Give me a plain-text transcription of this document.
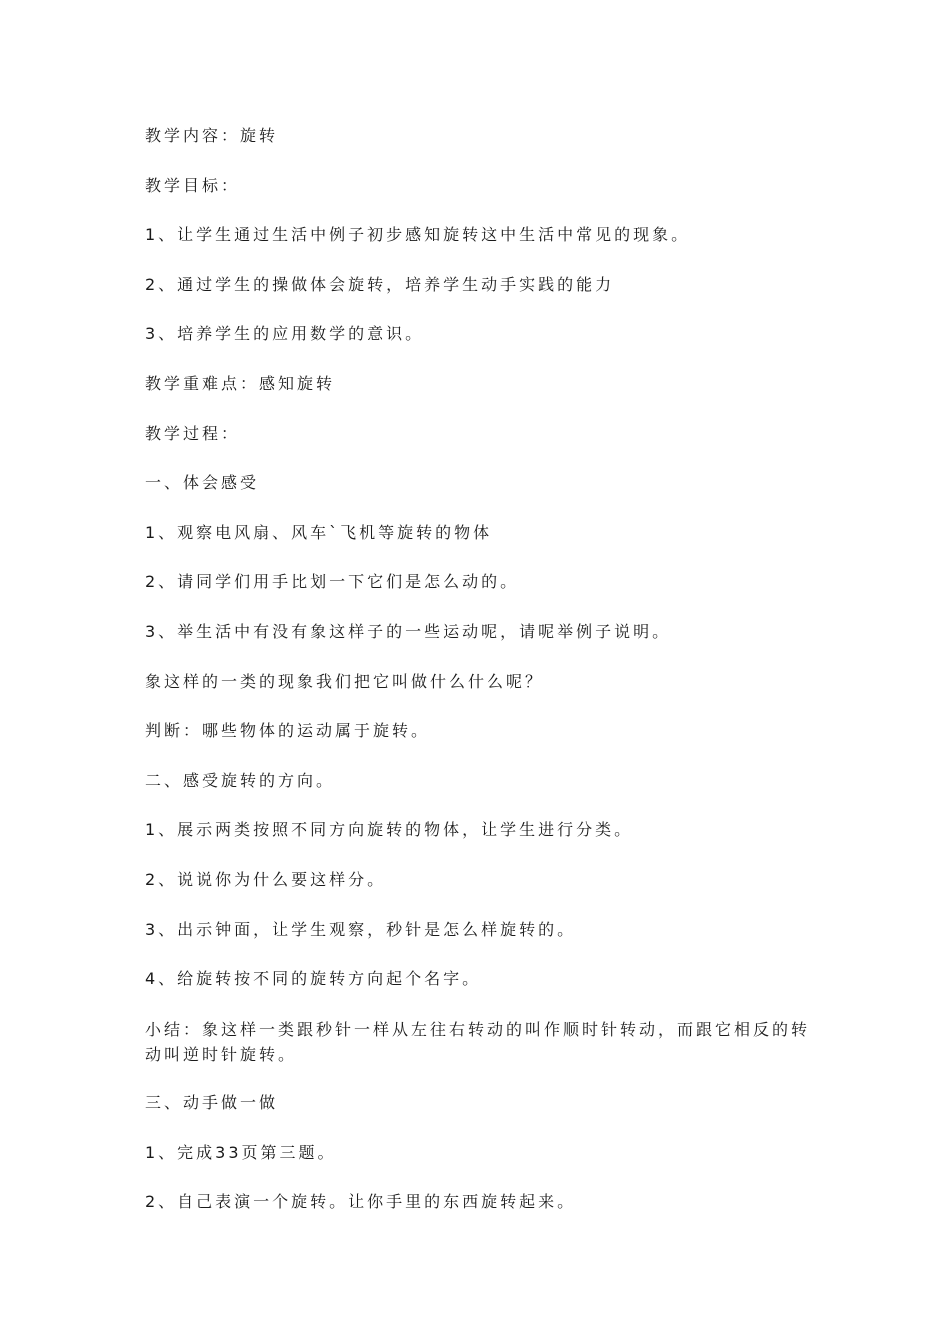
教学内容：旋转

教学目标：

1、让学生通过生活中例子初步感知旋转这中生活中常见的现象。

2、通过学生的操做体会旋转，培养学生动手实践的能力

3、培养学生的应用数学的意识。

教学重难点：感知旋转

教学过程：

一、体会感受

1、观察电风扇、风车`飞机等旋转的物体

2、请同学们用手比划一下它们是怎么动的。

3、举生活中有没有象这样子的一些运动呢，请呢举例子说明。

象这样的一类的现象我们把它叫做什么什么呢？

判断：哪些物体的运动属于旋转。

二、感受旋转的方向。

1、展示两类按照不同方向旋转的物体，让学生进行分类。

2、说说你为什么要这样分。

3、出示钟面，让学生观察，秒针是怎么样旋转的。

4、给旋转按不同的旋转方向起个名字。

小结：象这样一类跟秒针一样从左往右转动的叫作顺时针转动，而跟它相反的转动叫逆时针旋转。

三、动手做一做

1、完成33页第三题。

2、自己表演一个旋转。让你手里的东西旋转起来。
